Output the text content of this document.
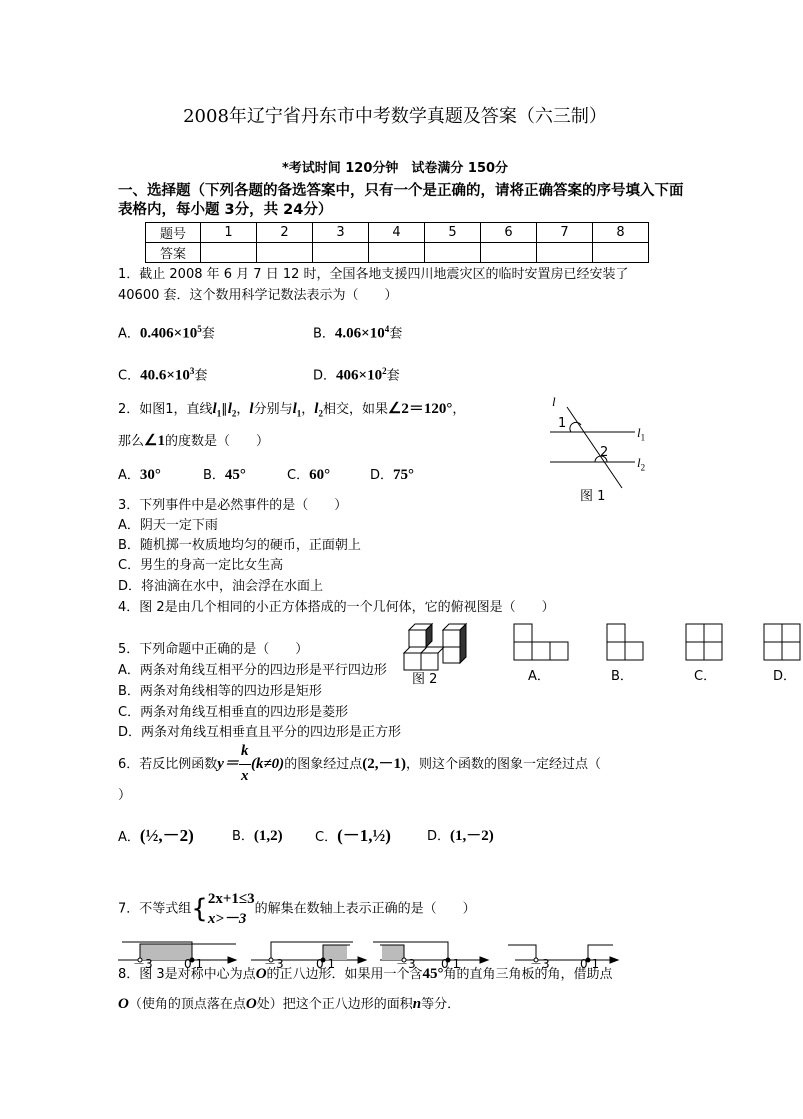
2008年辽宁省丹东市中考数学真题及答案（六三制）
*考试时间 120分钟　试卷满分 150分
一、选择题（下列各题的备选答案中，只有一个是正确的，请将正确答案的序号填入下面
表格内，每小题 3分，共 24分）
题号	1	2	3	4	5	6	7	8
答案								
1．截止 2008 年 6 月 7 日 12 时，全国各地支援四川地震灾区的临时安置房已经安装了
40600 套．这个数用科学记数法表示为（　　）
A．$0.406\times 10^5$套	B．$4.06\times 10^4$套
C．$40.6\times 10^3$套	D．$406\times 10^2$套
2．如图1，直线$l_1\parallel l_2$，l分别与$l_1$，$l_2$相交，如果∠2＝120°，
那么∠1的度数是（　　）
A．30°	B．45°	C．60°	D．75°
l
1
2
$l_1$
$l_2$
图 1
3．下列事件中是必然事件的是（　　）
A．阴天一定下雨
B．随机掷一枚质地均匀的硬币，正面朝上
C．男生的身高一定比女生高
D．将油滴在水中，油会浮在水面上
4．图 2是由几个相同的小正方体搭成的一个几何体，它的俯视图是（　　）
图 2	A．	B．	C．	D．
5．下列命题中正确的是（　　）
A．两条对角线互相平分的四边形是平行四边形
B．两条对角线相等的四边形是矩形
C．两条对角线互相垂直的四边形是菱形
D．两条对角线互相垂直且平分的四边形是正方形
6．若反比例函数$y= \frac{k}{x} (k\ne 0)$的图象经过点(2,－1)，则这个函数的图象一定经过点（
）
A．(½,－2)	B．(1,2) C．(－1,½)	D．(1,－2)
7．不等式组{ 2x+1≤3
x>－3
的解集在数轴上表示正确的是（　　）
－3	0 1	－3	0 1	－3 0 1	－3	0 1
8．图 3是对称中心为点O的正八边形．如果用一个含45°角的直角三角板的角，借助点
O（使角的顶点落在点O处）把这个正八边形的面积n等分．
